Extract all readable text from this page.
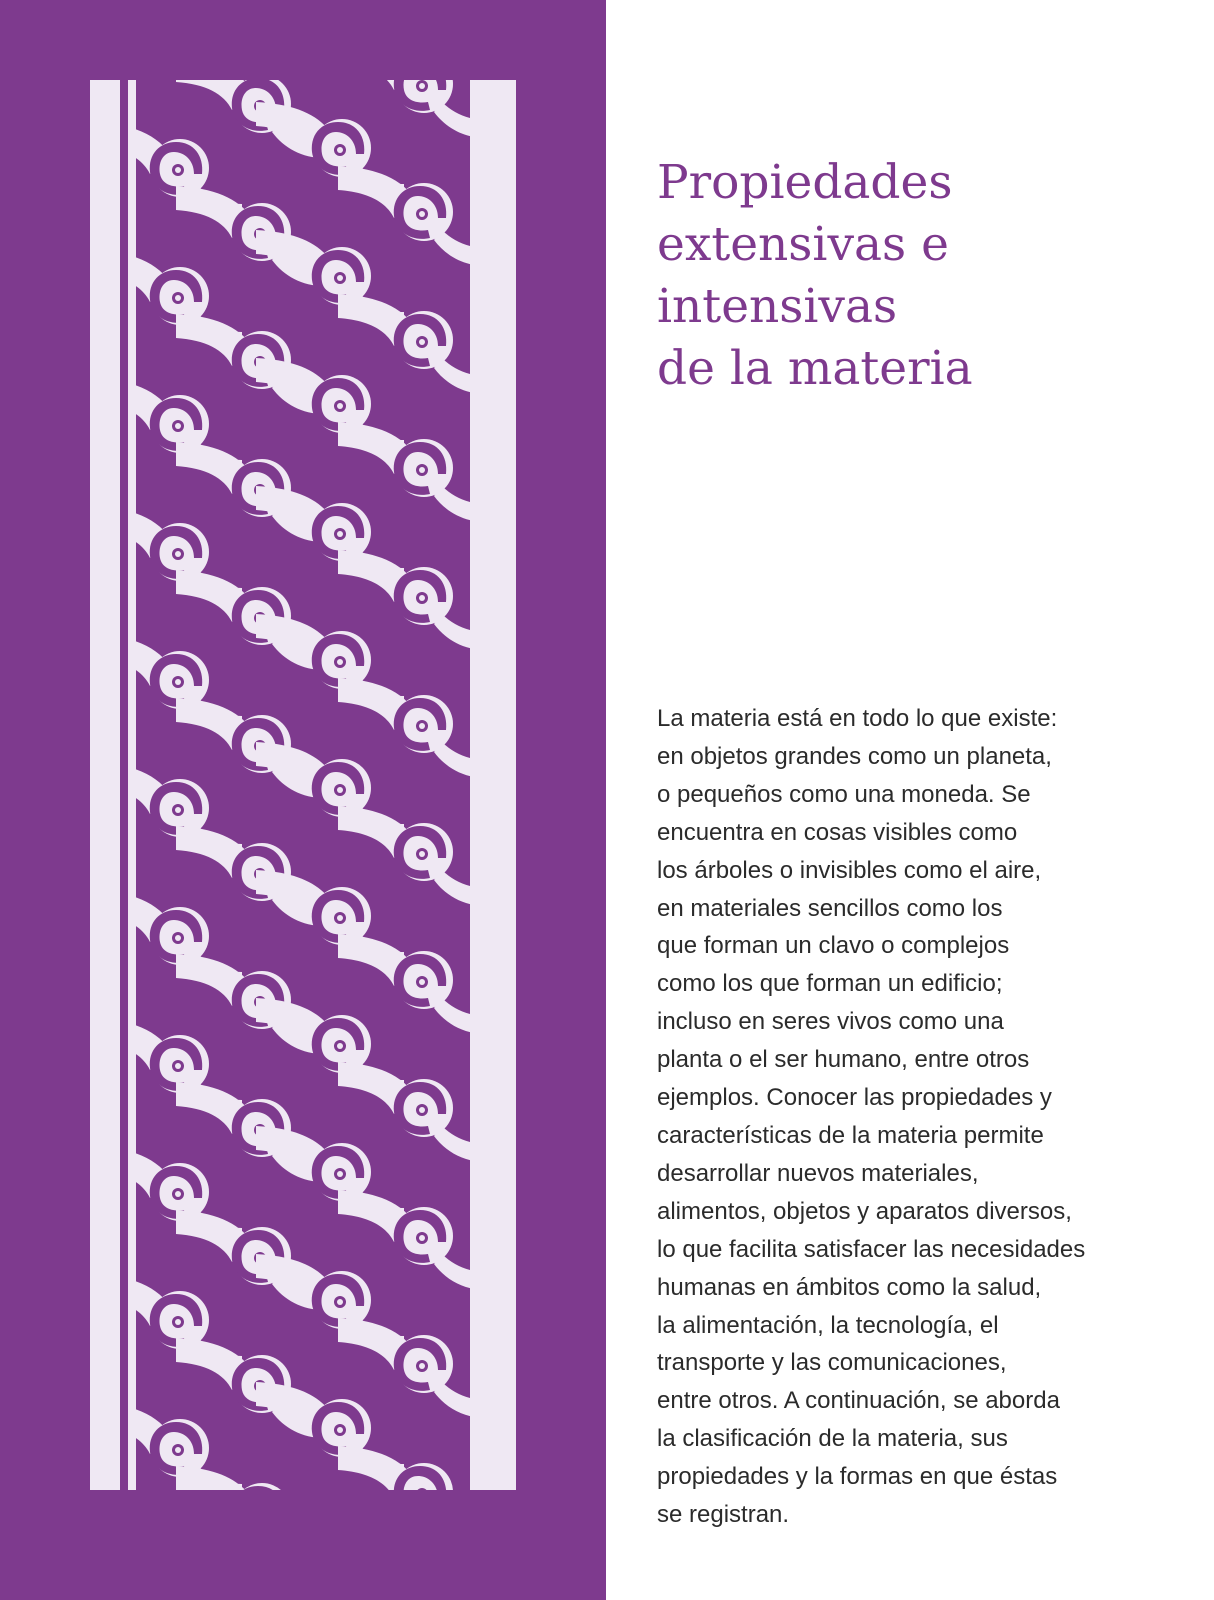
Propiedades
extensivas e
intensivas
de la materia

La materia está en todo lo que existe:
en objetos grandes como un planeta,
o pequeños como una moneda. Se
encuentra en cosas visibles como
los árboles o invisibles como el aire,
en materiales sencillos como los
que forman un clavo o complejos
como los que forman un edificio;
incluso en seres vivos como una
planta o el ser humano, entre otros
ejemplos. Conocer las propiedades y
características de la materia permite
desarrollar nuevos materiales,
alimentos, objetos y aparatos diversos,
lo que facilita satisfacer las necesidades
humanas en ámbitos como la salud,
la alimentación, la tecnología, el
transporte y las comunicaciones,
entre otros. A continuación, se aborda
la clasificación de la materia, sus
propiedades y la formas en que éstas
se registran.
